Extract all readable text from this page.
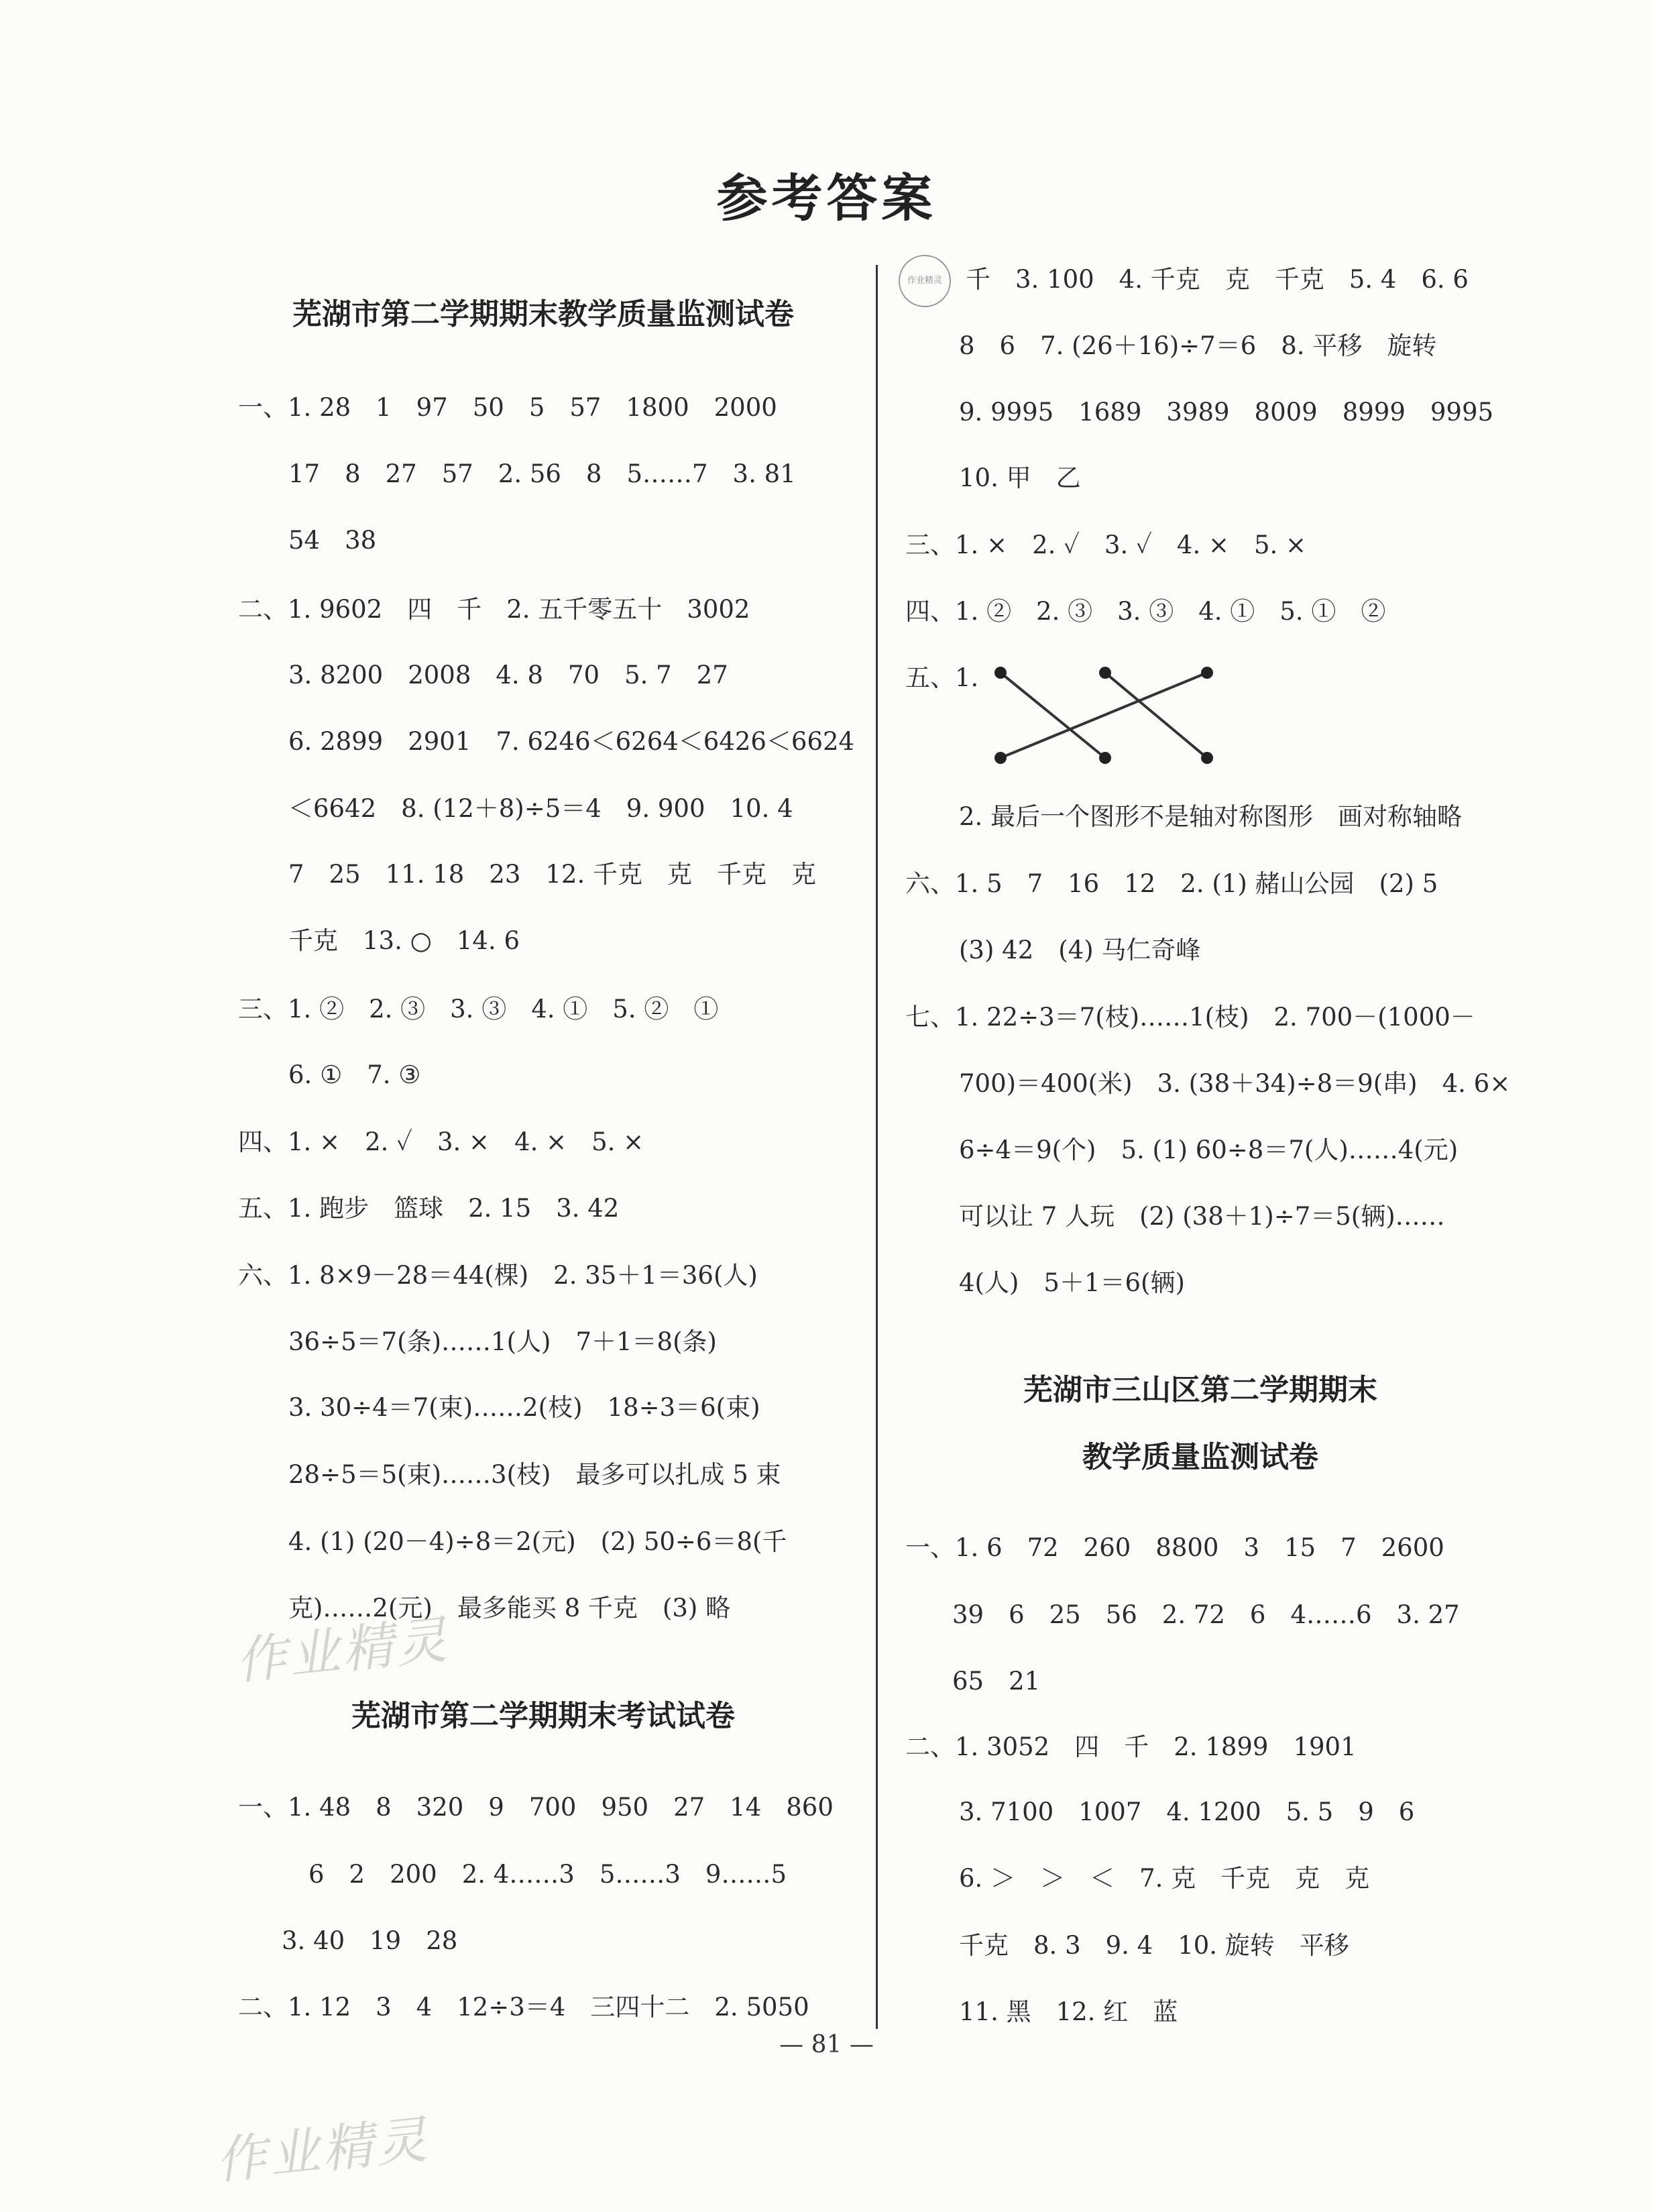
参考答案
作业精灵
芜湖市第二学期期末教学质量监测试卷
一、1. 28　1　97　50　5　57　1800　2000
17　8　27　57　2. 56　8　5……7　3. 81
54　38
二、1. 9602　四　千　2. 五千零五十　3002
3. 8200　2008　4. 8　70　5. 7　27
6. 2899　2901　7. 6246＜6264＜6426＜6624
＜6642　8. (12＋8)÷5＝4　9. 900　10. 4
7　25　11. 18　23　12. 千克　克　千克　克
千克　13. ○　14. 6
三、1. ②　2. ③　3. ③　4. ①　5. ②　①
6. ①　7. ③
四、1. ×　2. ✓　3. ×　4. ×　5. ×
五、1. 跑步　篮球　2. 15　3. 42
六、1. 8×9－28＝44(棵)　2. 35＋1＝36(人)
36÷5＝7(条)……1(人)　7＋1＝8(条)
3. 30÷4＝7(束)……2(枝)　18÷3＝6(束)
28÷5＝5(束)……3(枝)　最多可以扎成 5 束
4. (1) (20－4)÷8＝2(元)　(2) 50÷6＝8(千
克)……2(元)　最多能买 8 千克　(3) 略
芜湖市第二学期期末考试试卷
一、1. 48　8　320　9　700　950　27　14　860
6　2　200　2. 4……3　5……3　9……5
3. 40　19　28
二、1. 12　3　4　12÷3＝4　三四十二　2. 5050
千　3. 100　4. 千克　克　千克　5. 4　6. 6
8　6　7. (26＋16)÷7＝6　8. 平移　旋转
9. 9995　1689　3989　8009　8999　9995
10. 甲　乙
三、1. ×　2. ✓　3. ✓　4. ×　5. ×
四、1. ②　2. ③　3. ③　4. ①　5. ①　②
五、1.
2. 最后一个图形不是轴对称图形　画对称轴略
六、1. 5　7　16　12　2. (1) 赭山公园　(2) 5
(3) 42　(4) 马仁奇峰
七、1. 22÷3＝7(枝)……1(枝)　2. 700－(1000－
700)＝400(米)　3. (38＋34)÷8＝9(串)　4. 6×
6÷4＝9(个)　5. (1) 60÷8＝7(人)……4(元)
可以让 7 人玩　(2) (38＋1)÷7＝5(辆)……
4(人)　5＋1＝6(辆)
芜湖市三山区第二学期期末
教学质量监测试卷
一、1. 6　72　260　8800　3　15　7　2600
39　6　25　56　2. 72　6　4……6　3. 27
65　21
二、1. 3052　四　千　2. 1899　1901
3. 7100　1007　4. 1200　5. 5　9　6
6. ＞　＞　＜　7. 克　千克　克　克
千克　8. 3　9. 4　10. 旋转　平移
11. 黑　12. 红　蓝
作业精灵
作业精灵
— 81 —
